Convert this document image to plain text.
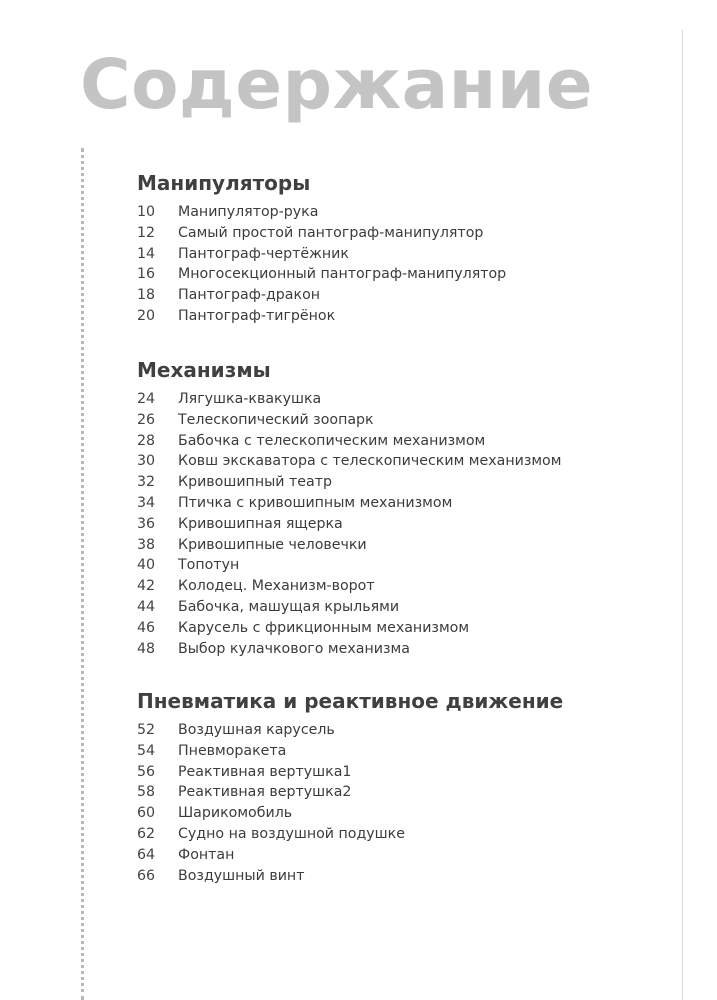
Содержание
Манипуляторы
10	Манипулятор-рука
12	Самый простой пантограф-манипулятор
14	Пантограф-чертёжник
16	Многосекционный пантограф-манипулятор
18	Пантограф-дракон
20	Пантограф-тигрёнок
Механизмы
24	Лягушка-квакушка
26	Телескопический зоопарк
28	Бабочка с телескопическим механизмом
30	Ковш экскаватора с телескопическим механизмом
32	Кривошипный театр
34	Птичка с кривошипным механизмом
36	Кривошипная ящерка
38	Кривошипные человечки
40	Топотун
42	Колодец. Механизм-ворот
44	Бабочка, машущая крыльями
46	Карусель с фрикционным механизмом
48	Выбор кулачкового механизма
Пневматика и реактивное движение
52	Воздушная карусель
54	Пневморакета
56	Реактивная вертушка1
58	Реактивная вертушка2
60	Шарикомобиль
62	Судно на воздушной подушке
64	Фонтан
66	Воздушный винт
